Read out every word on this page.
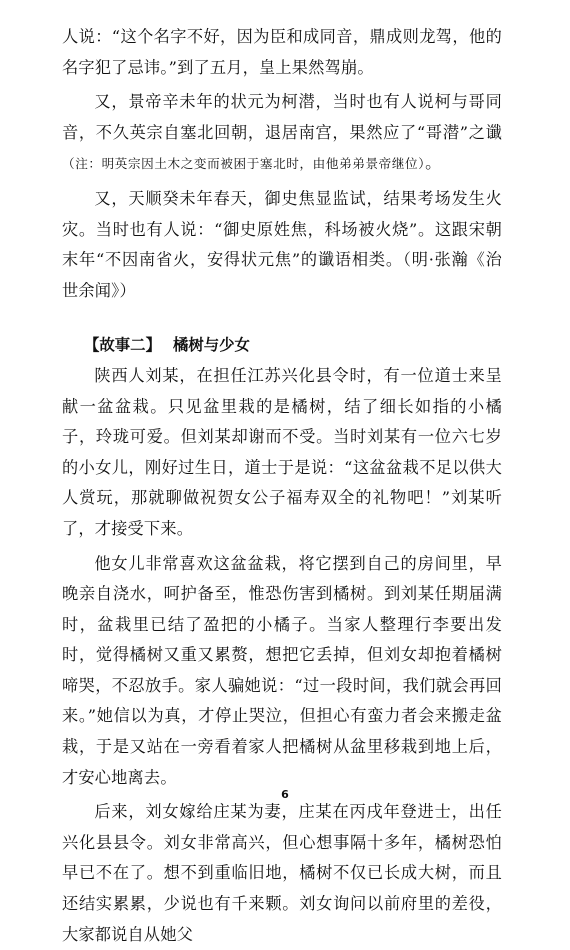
人说：“这个名字不好，因为臣和成同音，鼎成则龙驾，他的名字犯了忌讳。”到了五月，皇上果然驾崩。

又，景帝辛未年的状元为柯潜，当时也有人说柯与哥同音，不久英宗自塞北回朝，退居南宫，果然应了“哥潜”之谶（注：明英宗因土木之变而被困于塞北时，由他弟弟景帝继位）。

又，天顺癸未年春天，御史焦显监试，结果考场发生火灾。当时也有人说：“御史原姓焦，科场被火烧”。这跟宋朝末年“不因南省火，安得状元焦”的谶语相类。（明·张瀚《治世余闻》）

【故事二】 橘树与少女

陕西人刘某，在担任江苏兴化县令时，有一位道士来呈献一盆盆栽。只见盆里栽的是橘树，结了细长如指的小橘子，玲珑可爱。但刘某却谢而不受。当时刘某有一位六七岁的小女儿，刚好过生日，道士于是说：“这盆盆栽不足以供大人赏玩，那就聊做祝贺女公子福寿双全的礼物吧！”刘某听了，才接受下来。

他女儿非常喜欢这盆盆栽，将它摆到自己的房间里，早晚亲自浇水，呵护备至，惟恐伤害到橘树。到刘某任期届满时，盆栽里已结了盈把的小橘子。当家人整理行李要出发时，觉得橘树又重又累赘，想把它丢掉，但刘女却抱着橘树啼哭，不忍放手。家人骗她说：“过一段时间，我们就会再回来。”她信以为真，才停止哭泣，但担心有蛮力者会来搬走盆栽，于是又站在一旁看着家人把橘树从盆里移栽到地上后，才安心地离去。

后来，刘女嫁给庄某为妻，庄某在丙戌年登进士，出任兴化县县令。刘女非常高兴，但心想事隔十多年，橘树恐怕早已不在了。想不到重临旧地，橘树不仅已长成大树，而且还结实累累，少说也有千来颗。刘女询问以前府里的差役，大家都说自从她父

6
